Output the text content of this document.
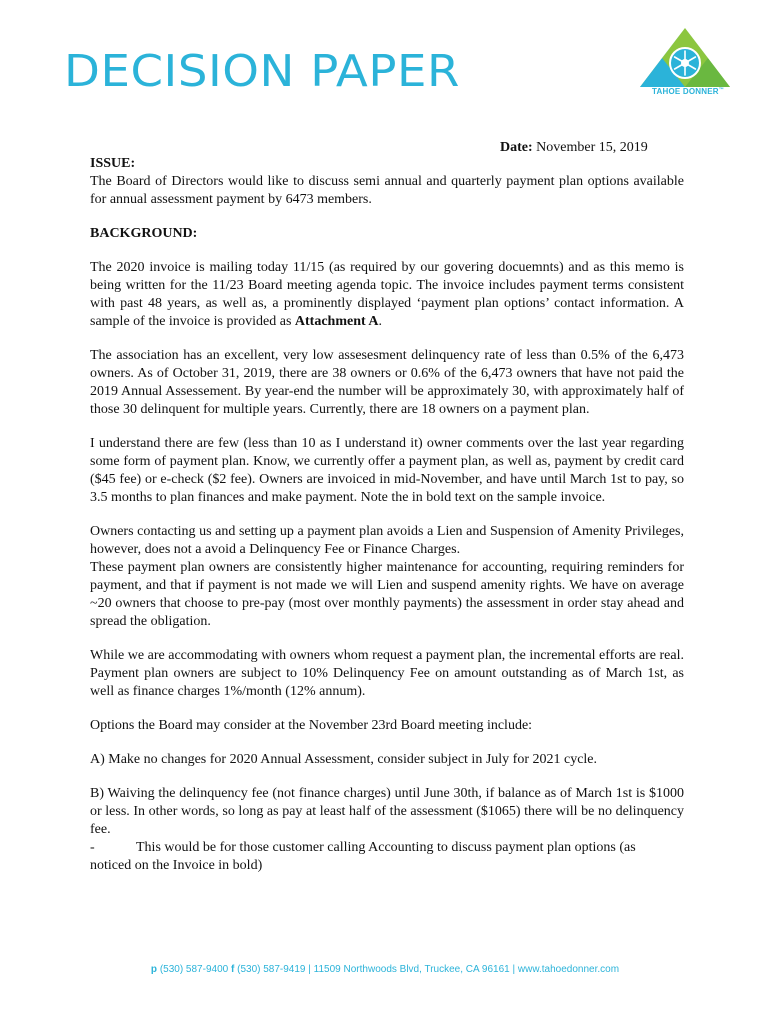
DECISION PAPER	TAHOE DONNER™
Date: November 15, 2019

ISSUE:

The Board of Directors would like to discuss semi annual and quarterly payment plan options available for annual assessment payment by 6473 members.

BACKGROUND:

The 2020 invoice is mailing today 11/15 (as required by our govering docuemnts) and as this memo is being written for the 11/23 Board meeting agenda topic. The invoice includes payment terms consistent with past 48 years, as well as, a prominently displayed ‘payment plan options’ contact information. A sample of the invoice is provided as Attachment A.

The association has an excellent, very low assesesment delinquency rate of less than 0.5% of the 6,473 owners. As of October 31, 2019, there are 38 owners or 0.6% of the 6,473 owners that have not paid the 2019 Annual Assessement. By year-end the number will be approximately 30, with approximately half of those 30 delinquent for multiple years. Currently, there are 18 owners on a payment plan.

I understand there are few (less than 10 as I understand it) owner comments over the last year regarding some form of payment plan. Know, we currently offer a payment plan, as well as, payment by credit card ($45 fee) or e-check ($2 fee). Owners are invoiced in mid-November, and have until March 1st to pay, so 3.5 months to plan finances and make payment. Note the in bold text on the sample invoice.

Owners contacting us and setting up a payment plan avoids a Lien and Suspension of Amenity Privileges, however, does not a avoid a Delinquency Fee or Finance Charges.

These payment plan owners are consistently higher maintenance for accounting, requiring reminders for payment, and that if payment is not made we will Lien and suspend amenity rights. We have on average ~20 owners that choose to pre-pay (most over monthly payments) the assessment in order stay ahead and spread the obligation.

While we are accommodating with owners whom request a payment plan, the incremental efforts are real. Payment plan owners are subject to 10% Delinquency Fee on amount outstanding as of March 1st, as well as finance charges 1%/month (12% annum).

Options the Board may consider at the November 23rd Board meeting include:

A) Make no changes for 2020 Annual Assessment, consider subject in July for 2021 cycle.

B) Waiving the delinquency fee (not finance charges) until June 30th, if balance as of March 1st is $1000 or less. In other words, so long as pay at least half of the assessment ($1065) there will be no delinquency fee.

-	This would be for those customer calling Accounting to discuss payment plan options (as

noticed on the Invoice in bold)

p (530) 587-9400 f (530) 587-9419 | 11509 Northwoods Blvd, Truckee, CA 96161 | www.tahoedonner.com
